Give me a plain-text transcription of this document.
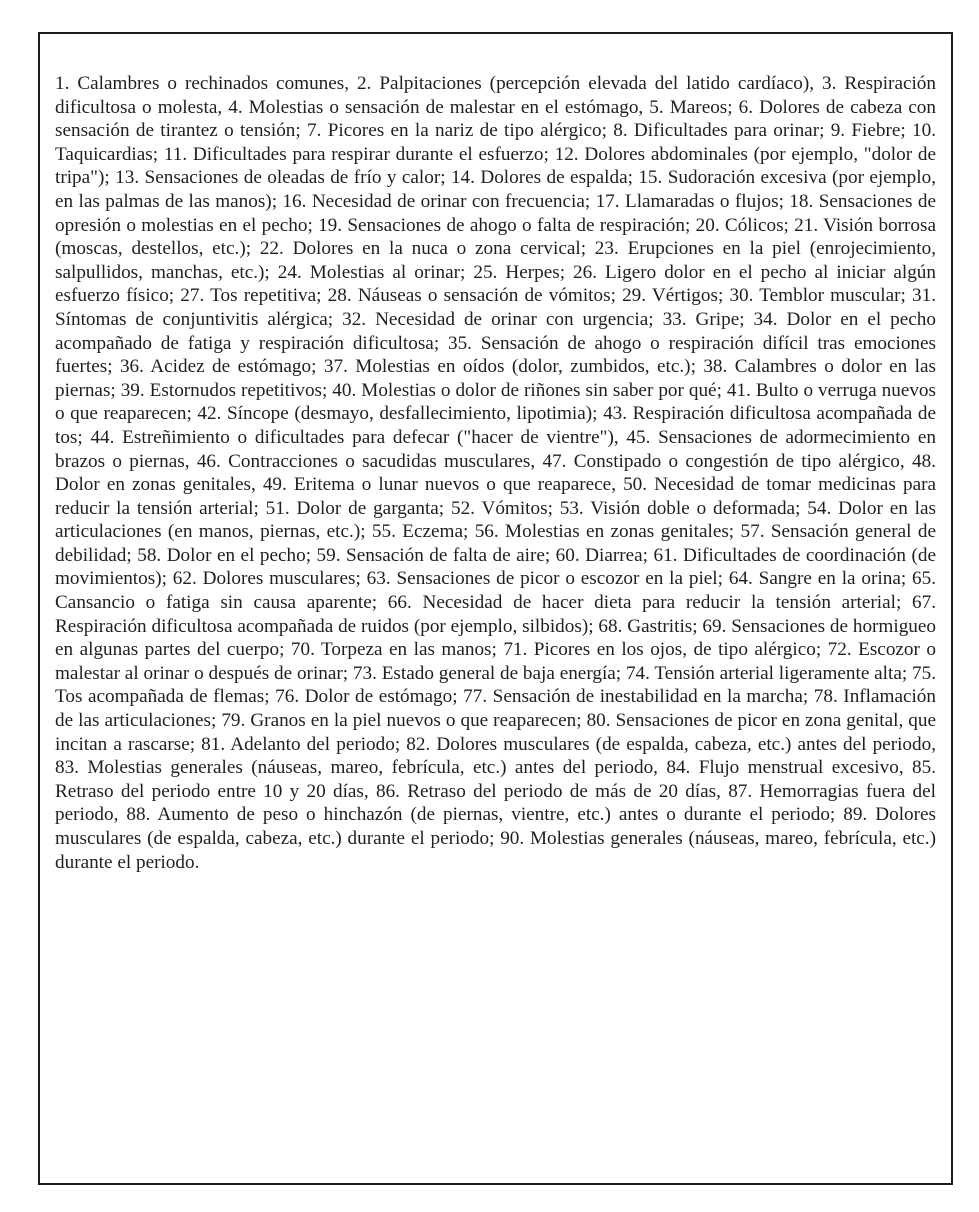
1. Calambres o rechinados comunes, 2. Palpitaciones (percepción elevada del latido cardíaco), 3. Respiración dificultosa o molesta, 4. Molestias o sensación de malestar en el estómago, 5. Mareos; 6. Dolores de cabeza con sensación de tirantez o tensión; 7. Picores en la nariz de tipo alérgico; 8. Dificultades para orinar; 9. Fiebre; 10. Taquicardias; 11. Dificultades para respirar durante el esfuerzo; 12. Dolores abdominales (por ejemplo, "dolor de tripa"); 13. Sensaciones de oleadas de frío y calor; 14. Dolores de espalda; 15. Sudoración excesiva (por ejemplo, en las palmas de las manos); 16. Necesidad de orinar con frecuencia; 17. Llamaradas o flujos; 18. Sensaciones de opresión o molestias en el pecho; 19. Sensaciones de ahogo o falta de respiración; 20. Cólicos; 21. Visión borrosa (moscas, destellos, etc.); 22. Dolores en la nuca o zona cervical; 23. Erupciones en la piel (enrojecimiento, salpullidos, manchas, etc.); 24. Molestias al orinar; 25. Herpes; 26. Ligero dolor en el pecho al iniciar algún esfuerzo físico; 27. Tos repetitiva; 28. Náuseas o sensación de vómitos; 29. Vértigos; 30. Temblor muscular; 31. Síntomas de conjuntivitis alérgica; 32. Necesidad de orinar con urgencia; 33. Gripe; 34. Dolor en el pecho acompañado de fatiga y respiración dificultosa; 35. Sensación de ahogo o respiración difícil tras emociones fuertes; 36. Acidez de estómago; 37. Molestias en oídos (dolor, zumbidos, etc.); 38. Calambres o dolor en las piernas; 39. Estornudos repetitivos; 40. Molestias o dolor de riñones sin saber por qué; 41. Bulto o verruga nuevos o que reaparecen; 42. Síncope (desmayo, desfallecimiento, lipotimia); 43. Respiración dificultosa acompañada de tos; 44. Estreñimiento o dificultades para defecar ("hacer de vientre"), 45. Sensaciones de adormecimiento en brazos o piernas, 46. Contracciones o sacudidas musculares, 47. Constipado o congestión de tipo alérgico, 48. Dolor en zonas genitales, 49. Eritema o lunar nuevos o que reaparece, 50. Necesidad de tomar medicinas para reducir la tensión arterial; 51. Dolor de garganta; 52. Vómitos; 53. Visión doble o deformada; 54. Dolor en las articulaciones (en manos, piernas, etc.); 55. Eczema; 56. Molestias en zonas genitales; 57. Sensación general de debilidad; 58. Dolor en el pecho; 59. Sensación de falta de aire; 60. Diarrea; 61. Dificultades de coordinación (de movimientos); 62. Dolores musculares; 63. Sensaciones de picor o escozor en la piel; 64. Sangre en la orina; 65. Cansancio o fatiga sin causa aparente; 66. Necesidad de hacer dieta para reducir la tensión arterial; 67. Respiración dificultosa acompañada de ruidos (por ejemplo, silbidos); 68. Gastritis; 69. Sensaciones de hormigueo en algunas partes del cuerpo; 70. Torpeza en las manos; 71. Picores en los ojos, de tipo alérgico; 72. Escozor o malestar al orinar o después de orinar; 73. Estado general de baja energía; 74. Tensión arterial ligeramente alta; 75. Tos acompañada de flemas; 76. Dolor de estómago; 77. Sensación de inestabilidad en la marcha; 78. Inflamación de las articulaciones; 79. Granos en la piel nuevos o que reaparecen; 80. Sensaciones de picor en zona genital, que incitan a rascarse; 81. Adelanto del periodo; 82. Dolores musculares (de espalda, cabeza, etc.) antes del periodo, 83. Molestias generales (náuseas, mareo, febrícula, etc.) antes del periodo, 84. Flujo menstrual excesivo, 85. Retraso del periodo entre 10 y 20 días, 86. Retraso del periodo de más de 20 días, 87. Hemorragias fuera del periodo, 88. Aumento de peso o hinchazón (de piernas, vientre, etc.) antes o durante el periodo; 89. Dolores musculares (de espalda, cabeza, etc.) durante el periodo; 90. Molestias generales (náuseas, mareo, febrícula, etc.) durante el periodo.
